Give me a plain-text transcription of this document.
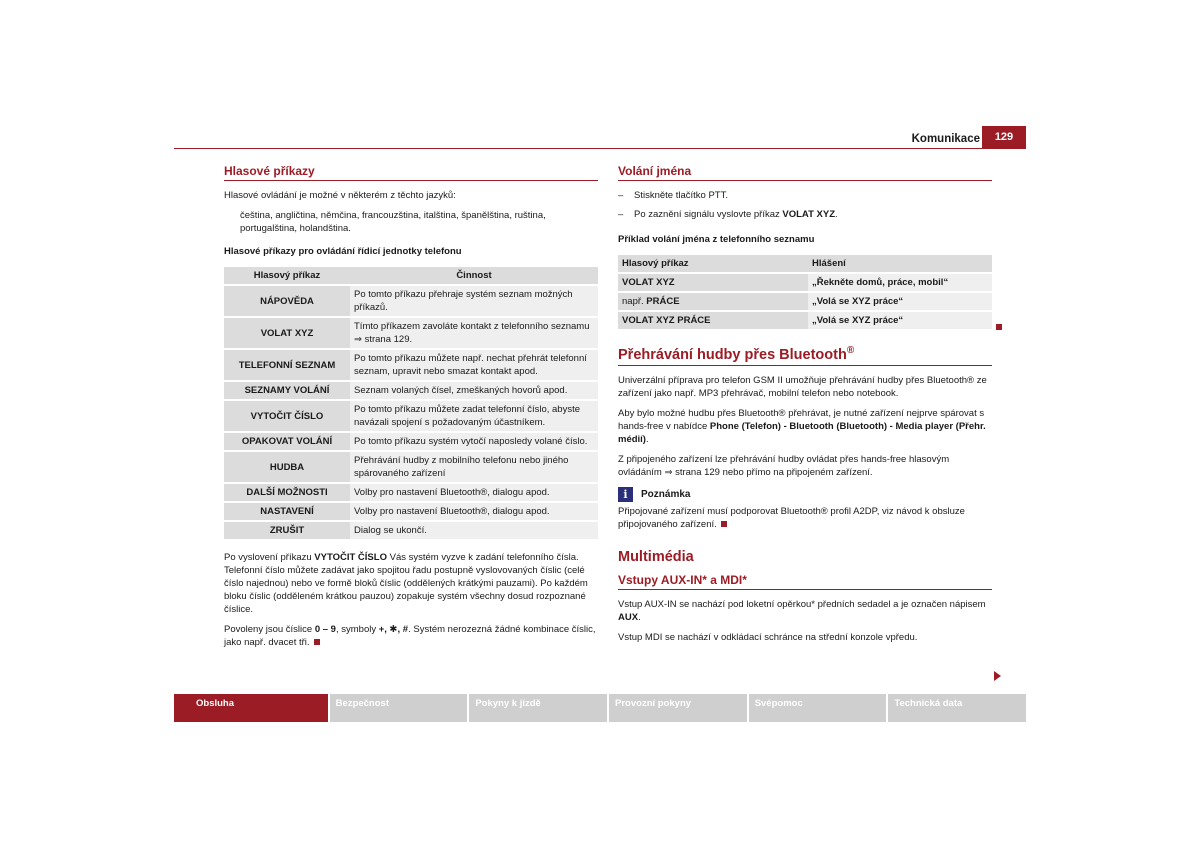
Komunikace	129
Hlasové příkazy

Hlasové ovládání je možné v některém z těchto jazyků:

čeština, angličtina, němčina, francouzština, italština, španělština, ruština, portugalština, holandština.

Hlasové příkazy pro ovládání řídicí jednotky telefonu

Hlasový příkaz	Činnost
NÁPOVĚDA	Po tomto příkazu přehraje systém seznam možných příkazů.
VOLAT XYZ	Tímto příkazem zavoláte kontakt z telefonního seznamu ⇒ strana 129.
TELEFONNÍ SEZNAM	Po tomto příkazu můžete např. nechat přehrát telefonní seznam, upravit nebo smazat kontakt apod.
SEZNAMY VOLÁNÍ	Seznam volaných čísel, zmeškaných hovorů apod.
VYTOČIT ČÍSLO	Po tomto příkazu můžete zadat telefonní číslo, abyste navázali spojení s požadovaným účastníkem.
OPAKOVAT VOLÁNÍ	Po tomto příkazu systém vytočí naposledy volané číslo.
HUDBA	Přehrávání hudby z mobilního telefonu nebo jiného spárovaného zařízení
DALŠÍ MOŽNOSTI	Volby pro nastavení Bluetooth®, dialogu apod.
NASTAVENÍ	Volby pro nastavení Bluetooth®, dialogu apod.
ZRUŠIT	Dialog se ukončí.

Po vyslovení příkazu VYTOČIT ČÍSLO Vás systém vyzve k zadání telefonního čísla. Telefonní číslo můžete zadávat jako spojitou řadu postupně vyslovovaných číslic (celé číslo najednou) nebo ve formě bloků číslic (oddělených krátkými pauzami). Po každém bloku číslic (odděleném krátkou pauzou) zopakuje systém všechny dosud rozpoznané číslice.

Povoleny jsou číslice 0 – 9, symboly +, ✱, #. Systém nerozezná žádné kombinace číslic, jako např. dvacet tři.

Volání jména
– Stiskněte tlačítko PTT.
– Po zaznění signálu vyslovte příkaz VOLAT XYZ.

Příklad volání jména z telefonního seznamu

Hlasový příkaz	Hlášení
VOLAT XYZ	„Řekněte domů, práce, mobil“
např. PRÁCE	„Volá se XYZ práce“
VOLAT XYZ PRÁCE	„Volá se XYZ práce“
Přehrávání hudby přes Bluetooth®

Univerzální příprava pro telefon GSM II umožňuje přehrávání hudby přes Bluetooth® ze zařízení jako např. MP3 přehrávač, mobilní telefon nebo notebook.

Aby bylo možné hudbu přes Bluetooth® přehrávat, je nutné zařízení nejprve spárovat s hands-free v nabídce Phone (Telefon) - Bluetooth (Bluetooth) - Media player (Přehr. médií).

Z připojeného zařízení lze přehrávání hudby ovládat přes hands-free hlasovým ovládáním ⇒ strana 129 nebo přímo na připojeném zařízení.

i	Poznámka

Připojované zařízení musí podporovat Bluetooth® profil A2DP, viz návod k obsluze připojovaného zařízení.

Multimédia
Vstupy AUX-IN* a MDI*

Vstup AUX-IN se nachází pod loketní opěrkou* předních sedadel a je označen nápisem AUX.

Vstup MDI se nachází v odkládací schránce na střední konzole vpředu.

Obsluha	Bezpečnost	Pokyny k jízdě	Provozní pokyny	Svépomoc	Technická data
